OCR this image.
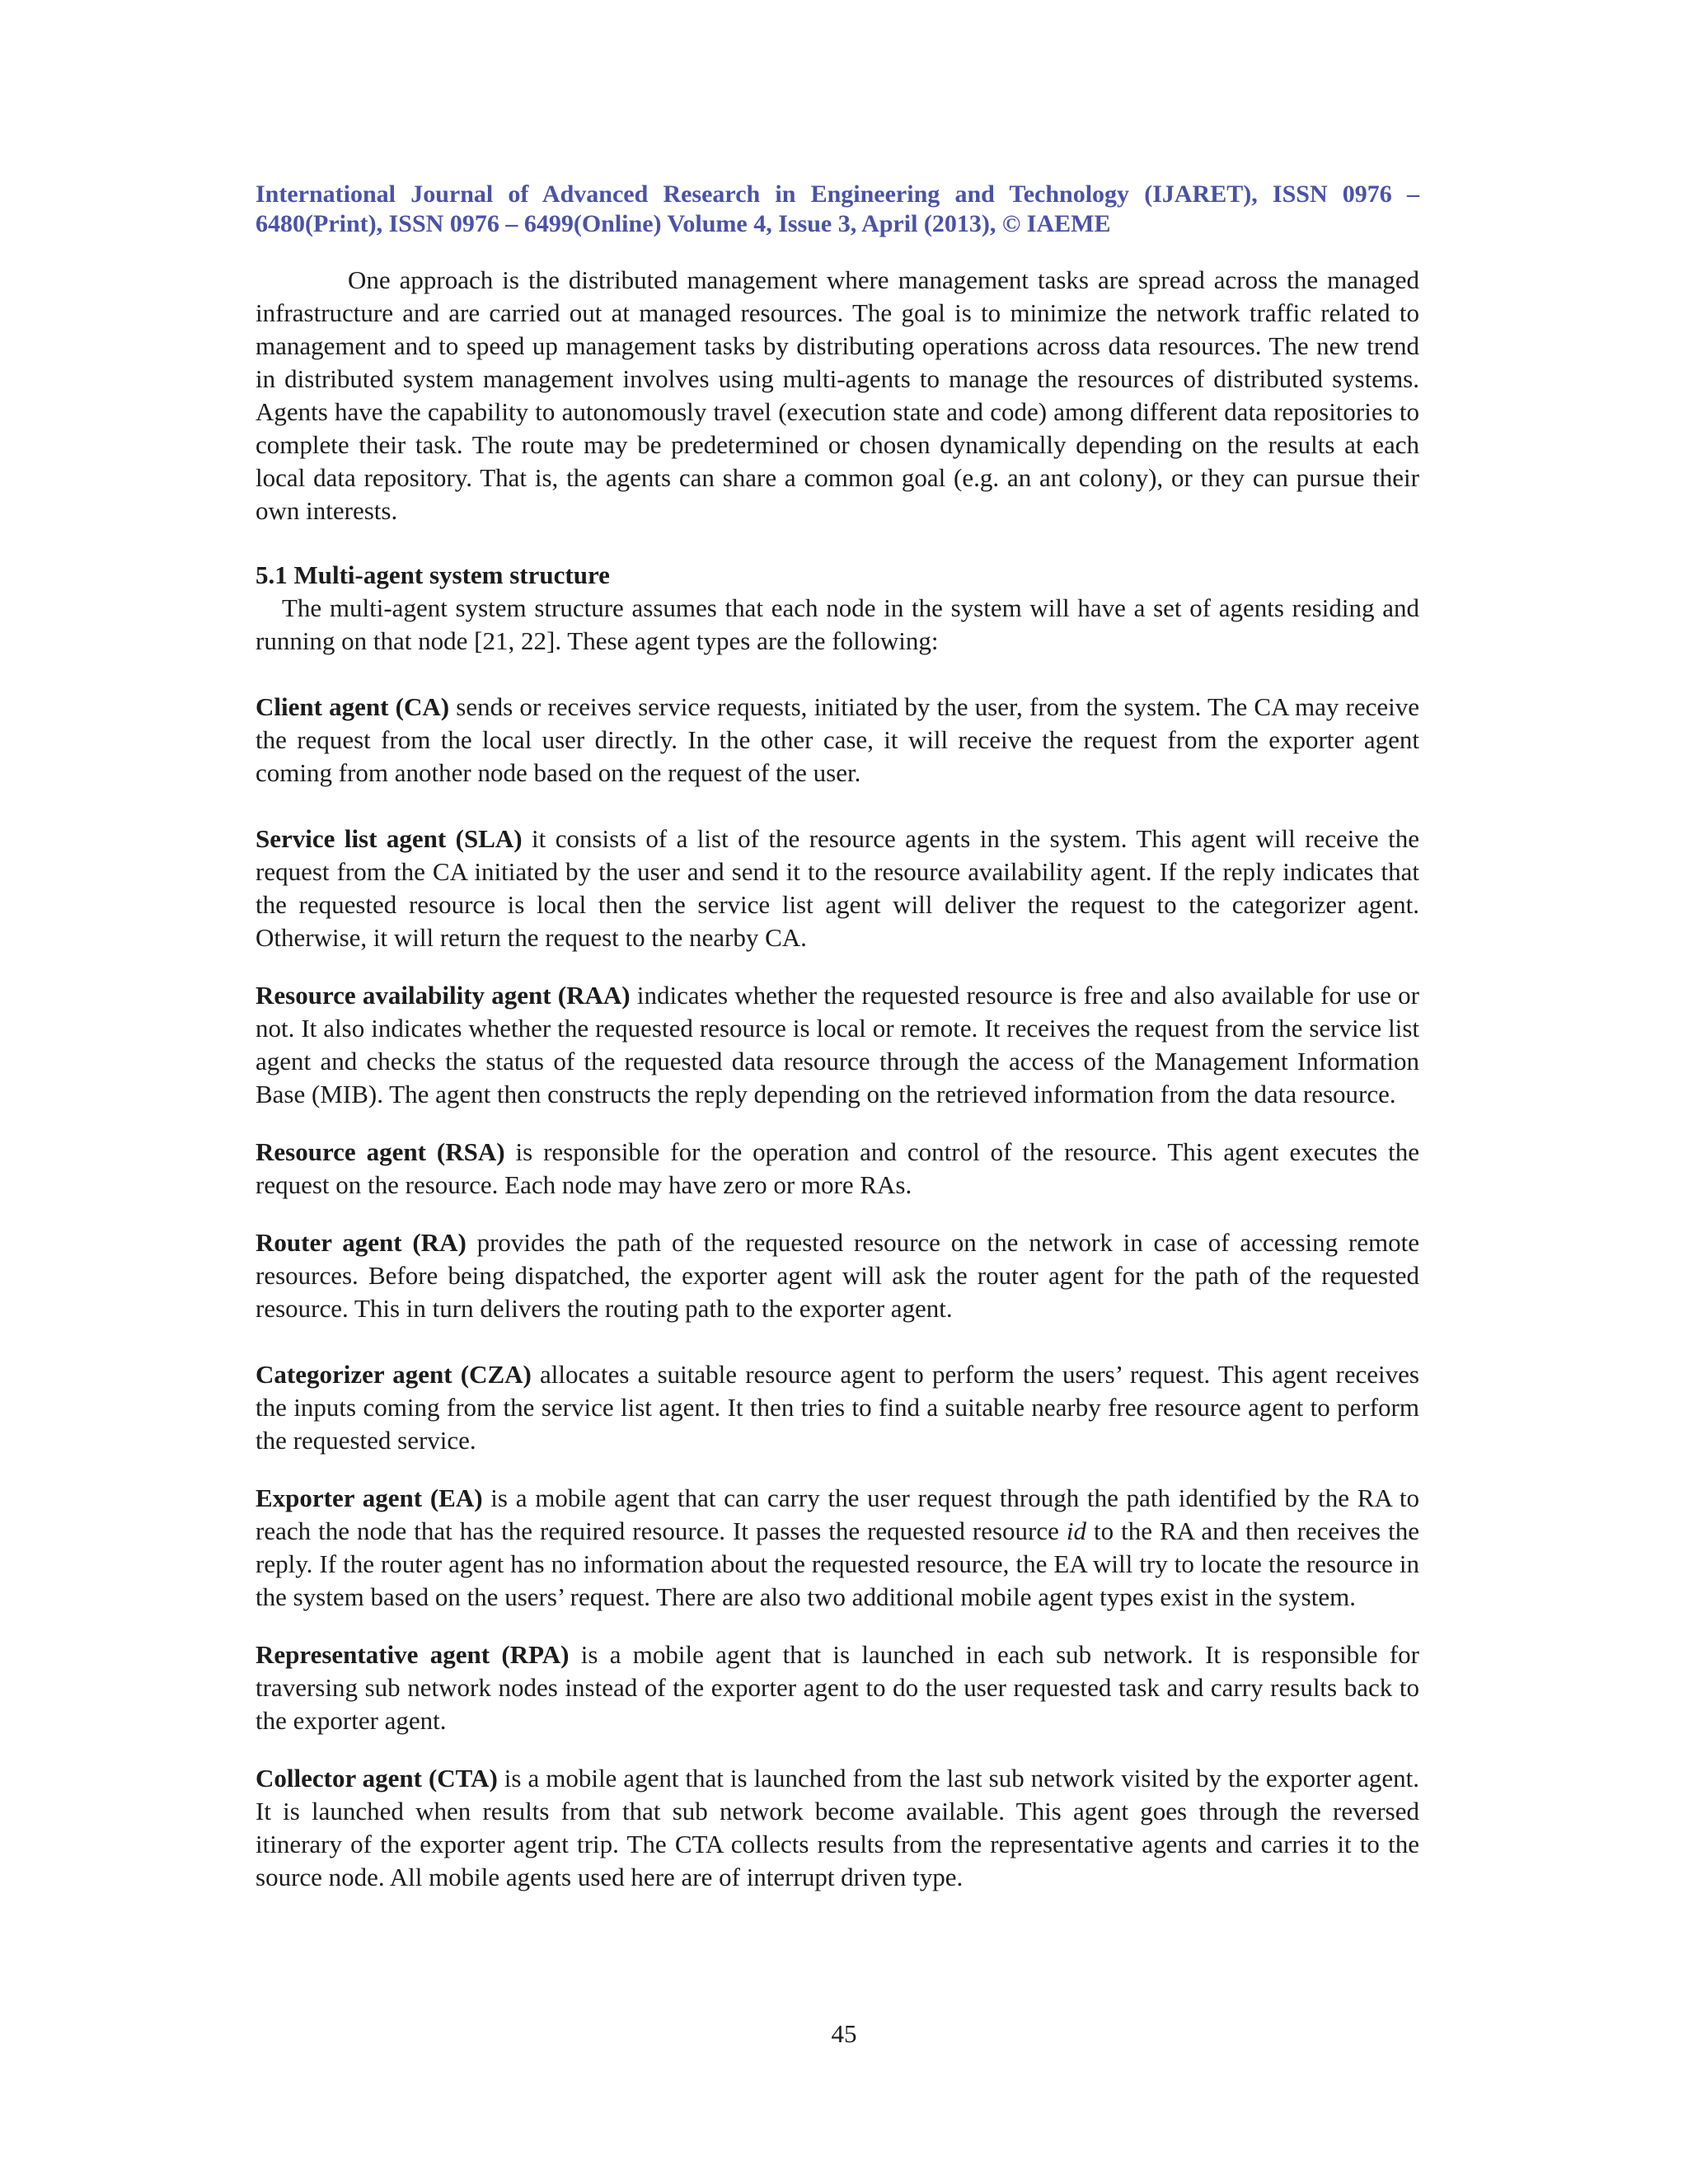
International Journal of Advanced Research in Engineering and Technology (IJARET), ISSN 0976 –
6480(Print), ISSN 0976 – 6499(Online) Volume 4, Issue 3, April (2013), © IAEME

One approach is the distributed management where management tasks are spread across the managed infrastructure and are carried out at managed resources. The goal is to minimize the network traffic related to management and to speed up management tasks by distributing operations across data resources. The new trend in distributed system management involves using multi-agents to manage the resources of distributed systems. Agents have the capability to autonomously travel (execution state and code) among different data repositories to complete their task. The route may be predetermined or chosen dynamically depending on the results at each local data repository. That is, the agents can share a common goal (e.g. an ant colony), or they can pursue their own interests.

5.1 Multi-agent system structure

The multi-agent system structure assumes that each node in the system will have a set of agents residing and running on that node [21, 22]. These agent types are the following:

Client agent (CA) sends or receives service requests, initiated by the user, from the system. The CA may receive the request from the local user directly. In the other case, it will receive the request from the exporter agent coming from another node based on the request of the user.

Service list agent (SLA) it consists of a list of the resource agents in the system. This agent will receive the request from the CA initiated by the user and send it to the resource availability agent. If the reply indicates that the requested resource is local then the service list agent will deliver the request to the categorizer agent. Otherwise, it will return the request to the nearby CA.

Resource availability agent (RAA) indicates whether the requested resource is free and also available for use or not. It also indicates whether the requested resource is local or remote. It receives the request from the service list agent and checks the status of the requested data resource through the access of the Management Information Base (MIB). The agent then constructs the reply depending on the retrieved information from the data resource.

Resource agent (RSA) is responsible for the operation and control of the resource. This agent executes the request on the resource. Each node may have zero or more RAs.

Router agent (RA) provides the path of the requested resource on the network in case of accessing remote resources. Before being dispatched, the exporter agent will ask the router agent for the path of the requested resource. This in turn delivers the routing path to the exporter agent.

Categorizer agent (CZA) allocates a suitable resource agent to perform the users’ request. This agent receives the inputs coming from the service list agent. It then tries to find a suitable nearby free resource agent to perform the requested service.

Exporter agent (EA) is a mobile agent that can carry the user request through the path identified by the RA to reach the node that has the required resource. It passes the requested resource id to the RA and then receives the reply. If the router agent has no information about the requested resource, the EA will try to locate the resource in the system based on the users’ request. There are also two additional mobile agent types exist in the system.

Representative agent (RPA) is a mobile agent that is launched in each sub network. It is responsible for traversing sub network nodes instead of the exporter agent to do the user requested task and carry results back to the exporter agent.

Collector agent (CTA) is a mobile agent that is launched from the last sub network visited by the exporter agent. It is launched when results from that sub network become available. This agent goes through the reversed itinerary of the exporter agent trip. The CTA collects results from the representative agents and carries it to the source node. All mobile agents used here are of interrupt driven type.

45
